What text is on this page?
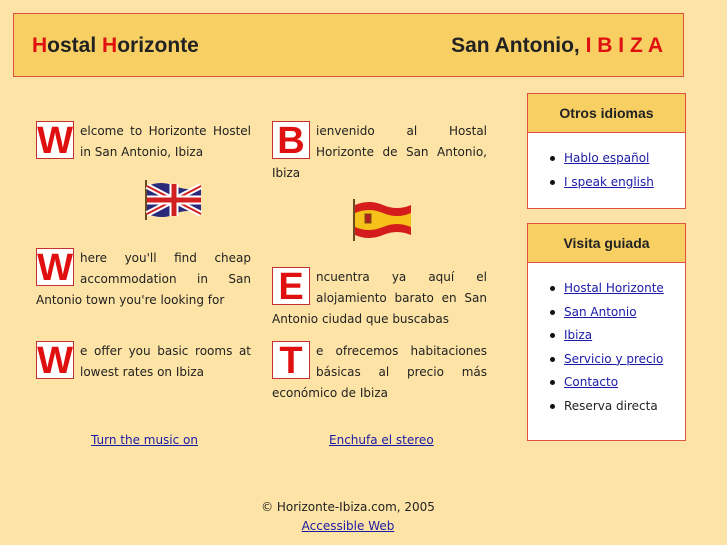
Hostal Horizonte	San Antonio, I B I Z A
W elcome to Horizonte Hostel in San Antonio, Ibiza
W here you'll find cheap accommodation in San Antonio town you're looking for
W e offer you basic rooms at lowest rates on Ibiza
Turn the music on
B ienvenido al Hostal Horizonte de San Antonio, Ibiza
E	ncuentra ya aquí el alojamiento barato en San Antonio ciudad que buscabas
T	e ofrecemos habitaciones básicas al precio más económico de Ibiza
Enchufa el stereo
Otros idiomas
Hablo español
I speak english
Visita guiada
Hostal Horizonte
San Antonio
Ibiza
Servicio y precio
Contacto
Reserva directa
© Horizonte-Ibiza.com, 2005
Accessible Web
